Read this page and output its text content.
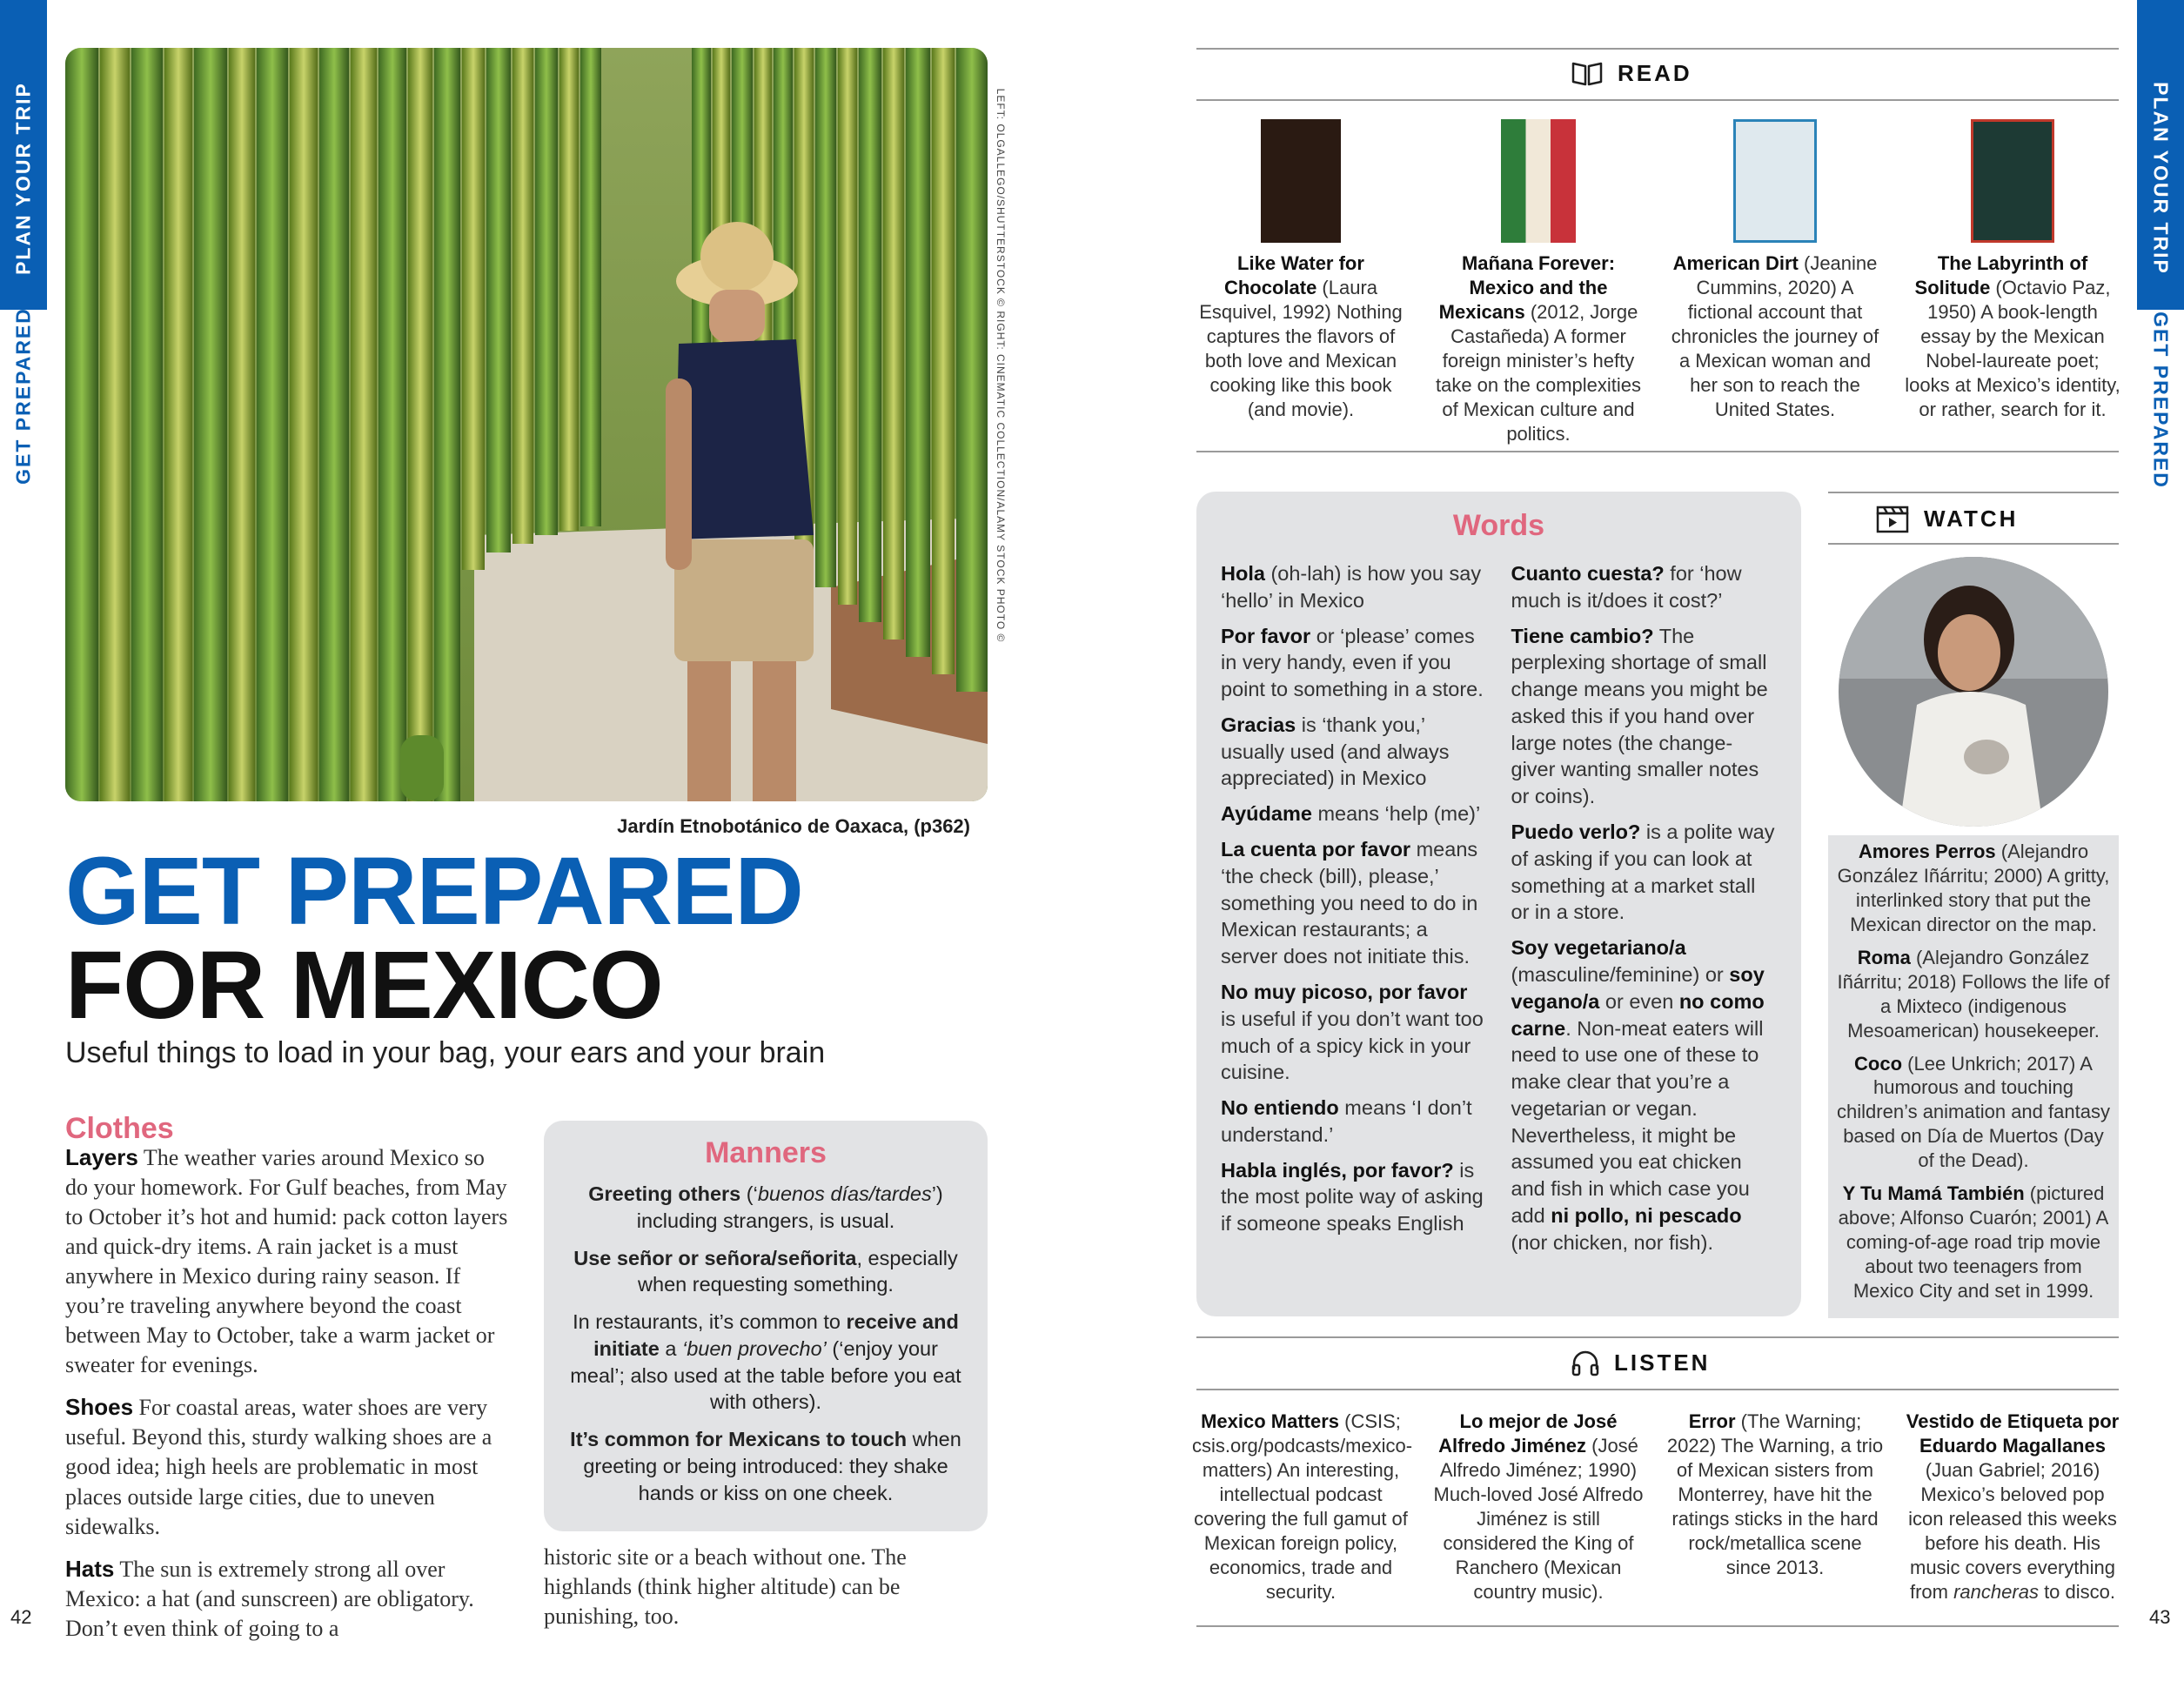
PLAN YOUR TRIP
GET PREPARED
PLAN YOUR TRIP
GET PREPARED
LEFT: OLGALLEGO/SHUTTERSTOCK © RIGHT: CINEMATIC COLLECTION/ALAMY STOCK PHOTO ©
Jardín Etnobotánico de Oaxaca, (p362)
GET PREPARED
FOR MEXICO
Useful things to load in your bag, your ears and your brain
Clothes
Layers The weather varies around Mexico so do your homework. For Gulf beaches, from May to October it’s hot and humid: pack cotton layers and quick-dry items. A rain jacket is a must anywhere in Mexico during rainy season. If you’re traveling anywhere beyond the coast between May to October, take a warm jacket or sweater for evenings.

Shoes For coastal areas, water shoes are very useful. Beyond this, sturdy walking shoes are a good idea; high heels are problematic in most places outside large cities, due to uneven sidewalks.

Hats The sun is extremely strong all over Mexico: a hat (and sunscreen) are obligatory. Don’t even think of going to a

historic site or a beach without one. The highlands (think higher altitude) can be punishing, too.
Manners

Greeting others (‘buenos días/tardes’) including strangers, is usual.

Use señor or señora/señorita, especially when requesting something.

In restaurants, it’s common to receive and initiate a ‘buen provecho’ (‘enjoy your meal’; also used at the table before you eat with others).

It’s common for Mexicans to touch when greeting or being introduced: they shake hands or kiss on one cheek.

42	43
READ
Like Water for Chocolate (Laura Esquivel, 1992) Nothing captures the flavors of both love and Mexican cooking like this book (and movie).
Mañana Forever: Mexico and the Mexicans (2012, Jorge Castañeda) A former foreign minister’s hefty take on the complexities of Mexican culture and politics.
American Dirt (Jeanine Cummins, 2020) A fictional account that chronicles the journey of a Mexican woman and her son to reach the United States.
The Labyrinth of Solitude (Octavio Paz, 1950) A book-length essay by the Mexican Nobel-laureate poet; looks at Mexico’s identity, or rather, search for it.
Words

Hola (oh-lah) is how you say ‘hello’ in Mexico

Por favor or ‘please’ comes in very handy, even if you point to something in a store.

Gracias is ‘thank you,’ usually used (and always appreciated) in Mexico

Ayúdame means ‘help (me)’

La cuenta por favor means ‘the check (bill), please,’ something you need to do in Mexican restaurants; a server does not initiate this.

No muy picoso, por favor is useful if you don’t want too much of a spicy kick in your cuisine.

No entiendo means ‘I don’t understand.’

Habla inglés, por favor? is the most polite way of asking if someone speaks English

Cuanto cuesta? for ‘how much is it/does it cost?’

Tiene cambio? The perplexing shortage of small change means you might be asked this if you hand over large notes (the change-giver wanting smaller notes or coins).

Puedo verlo? is a polite way of asking if you can look at something at a market stall or in a store.

Soy vegetariano/a (masculine/feminine) or soy vegano/a or even no como carne. Non-meat eaters will need to use one of these to make clear that you’re a vegetarian or vegan. Nevertheless, it might be assumed you eat chicken and fish in which case you add ni pollo, ni pescado (nor chicken, nor fish).

WATCH

Amores Perros (Alejandro González Iñárritu; 2000) A gritty, interlinked story that put the Mexican director on the map.

Roma (Alejandro González Iñárritu; 2018) Follows the life of a Mixteco (indigenous Mesoamerican) housekeeper.

Coco (Lee Unkrich; 2017) A humorous and touching children’s animation and fantasy based on Día de Muertos (Day of the Dead).

Y Tu Mamá También (pictured above; Alfonso Cuarón; 2001) A coming-of-age road trip movie about two teenagers from Mexico City and set in 1999.

LISTEN
Mexico Matters (CSIS; csis.org/podcasts/mexico-matters) An interesting, intellectual podcast covering the full gamut of Mexican foreign policy, economics, trade and security.
Lo mejor de José Alfredo Jiménez (José Alfredo Jiménez; 1990) Much-loved José Alfredo Jiménez is still considered the King of Ranchero (Mexican country music).
Error (The Warning; 2022) The Warning, a trio of Mexican sisters from Monterrey, have hit the ratings sticks in the hard rock/metallica scene since 2013.
Vestido de Etiqueta por Eduardo Magallanes (Juan Gabriel; 2016) Mexico’s beloved pop icon released this weeks before his death. His music covers everything from rancheras to disco.
